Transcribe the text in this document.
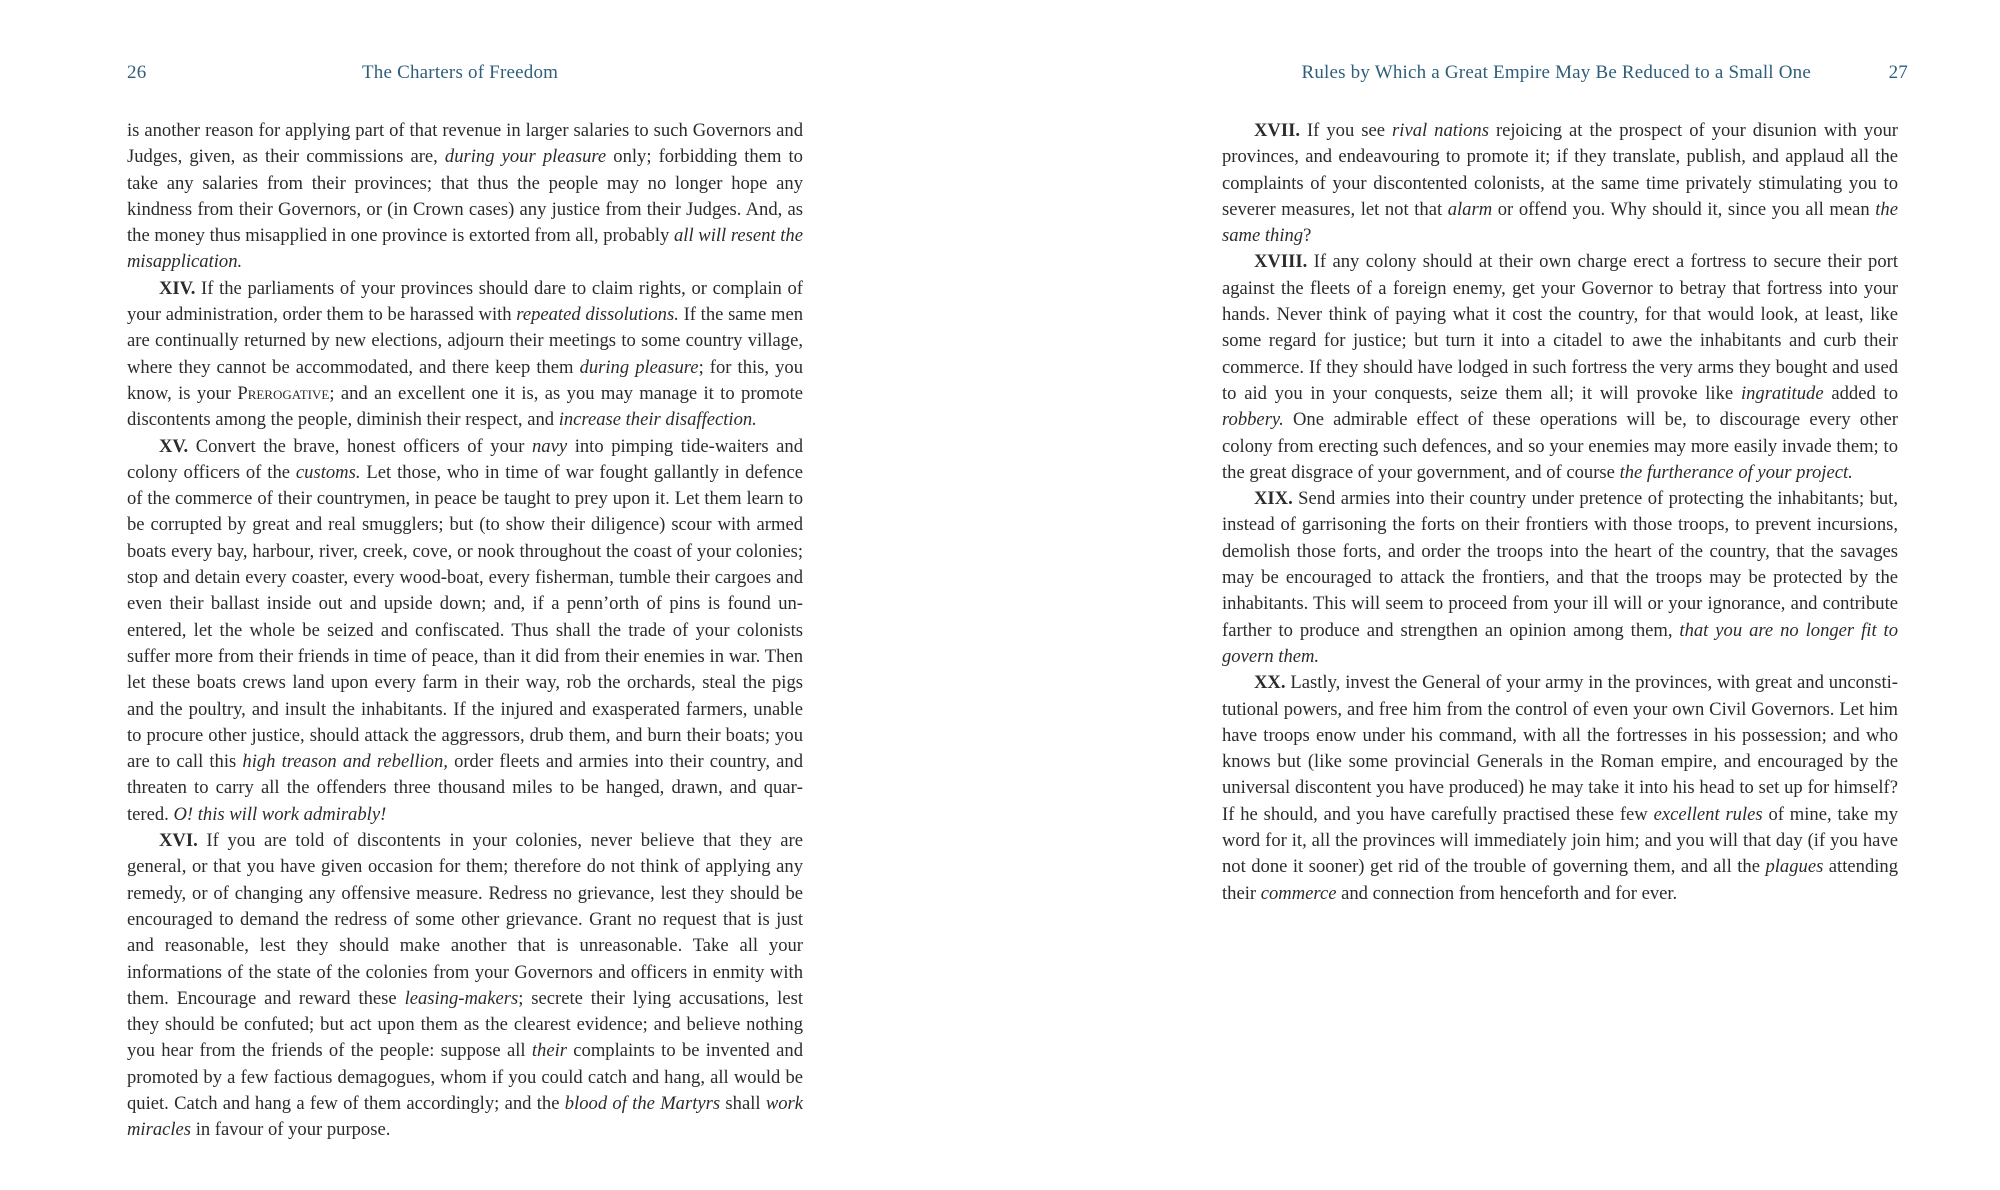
26	The Charters of Freedom

is another reason for applying part of that revenue in larger salaries to such Governors and Judges, given, as their commissions are, during your pleasure only; forbidding them to take any salaries from their provinces; that thus the people may no longer hope any kindness from their Governors, or (in Crown cases) any justice from their Judges. And, as the money thus misapplied in one province is extorted from all, probably all will resent the misapplication.

XIV. If the parliaments of your provinces should dare to claim rights, or complain of your administration, order them to be harassed with repeated dissolutions. If the same men are continually returned by new elections, adjourn their meetings to some country village, where they cannot be accommodated, and there keep them during pleasure; for this, you know, is your Prerogative; and an excellent one it is, as you may manage it to promote discontents among the people, diminish their respect, and increase their disaffection.

XV. Convert the brave, honest officers of your navy into pimping tide-waiters and colony officers of the customs. Let those, who in time of war fought gallantly in defence of the commerce of their countrymen, in peace be taught to prey upon it. Let them learn to be corrupted by great and real smugglers; but (to show their diligence) scour with armed boats every bay, harbour, river, creek, cove, or nook throughout the coast of your colonies; stop and detain every coaster, every wood-boat, every fisherman, tumble their cargoes and even their ballast inside out and upside down; and, if a penn’orth of pins is found un-entered, let the whole be seized and confiscated. Thus shall the trade of your colonists suffer more from their friends in time of peace, than it did from their enemies in war. Then let these boats crews land upon every farm in their way, rob the orchards, steal the pigs and the poultry, and insult the inhabitants. If the injured and exasperated farmers, unable to procure other justice, should attack the aggressors, drub them, and burn their boats; you are to call this high treason and rebellion, order fleets and armies into their country, and threaten to carry all the offenders three thousand miles to be hanged, drawn, and quartered. O! this will work admirably!

XVI. If you are told of discontents in your colonies, never believe that they are general, or that you have given occasion for them; therefore do not think of applying any remedy, or of changing any offensive measure. Redress no grievance, lest they should be encouraged to demand the redress of some other grievance. Grant no request that is just and reasonable, lest they should make another that is unreasonable. Take all your informations of the state of the colonies from your Governors and officers in enmity with them. Encourage and reward these leasing-makers; secrete their lying accusations, lest they should be confuted; but act upon them as the clearest evidence; and believe nothing you hear from the friends of the people: suppose all their complaints to be invented and promoted by a few factious demagogues, whom if you could catch and hang, all would be quiet. Catch and hang a few of them accordingly; and the blood of the Martyrs shall work miracles in favour of your purpose.

Rules by Which a Great Empire May Be Reduced to a Small One	27

XVII. If you see rival nations rejoicing at the prospect of your disunion with your provinces, and endeavouring to promote it; if they translate, publish, and applaud all the complaints of your discontented colonists, at the same time privately stimulating you to severer measures, let not that alarm or offend you. Why should it, since you all mean the same thing?

XVIII. If any colony should at their own charge erect a fortress to secure their port against the fleets of a foreign enemy, get your Governor to betray that fortress into your hands. Never think of paying what it cost the country, for that would look, at least, like some regard for justice; but turn it into a citadel to awe the inhabitants and curb their commerce. If they should have lodged in such fortress the very arms they bought and used to aid you in your conquests, seize them all; it will provoke like ingratitude added to robbery. One admirable effect of these operations will be, to discourage every other colony from erecting such defences, and so your enemies may more easily invade them; to the great disgrace of your government, and of course the furtherance of your project.

XIX. Send armies into their country under pretence of protecting the inhabitants; but, instead of garrisoning the forts on their frontiers with those troops, to prevent incursions, demolish those forts, and order the troops into the heart of the country, that the savages may be encouraged to attack the frontiers, and that the troops may be protected by the inhabitants. This will seem to proceed from your ill will or your ignorance, and contribute farther to produce and strengthen an opinion among them, that you are no longer fit to govern them.

XX. Lastly, invest the General of your army in the provinces, with great and unconstitutional powers, and free him from the control of even your own Civil Governors. Let him have troops enow under his command, with all the fortresses in his possession; and who knows but (like some provincial Generals in the Roman empire, and encouraged by the universal discontent you have produced) he may take it into his head to set up for himself? If he should, and you have carefully practised these few excellent rules of mine, take my word for it, all the provinces will immediately join him; and you will that day (if you have not done it sooner) get rid of the trouble of governing them, and all the plagues attending their commerce and connection from henceforth and for ever.
